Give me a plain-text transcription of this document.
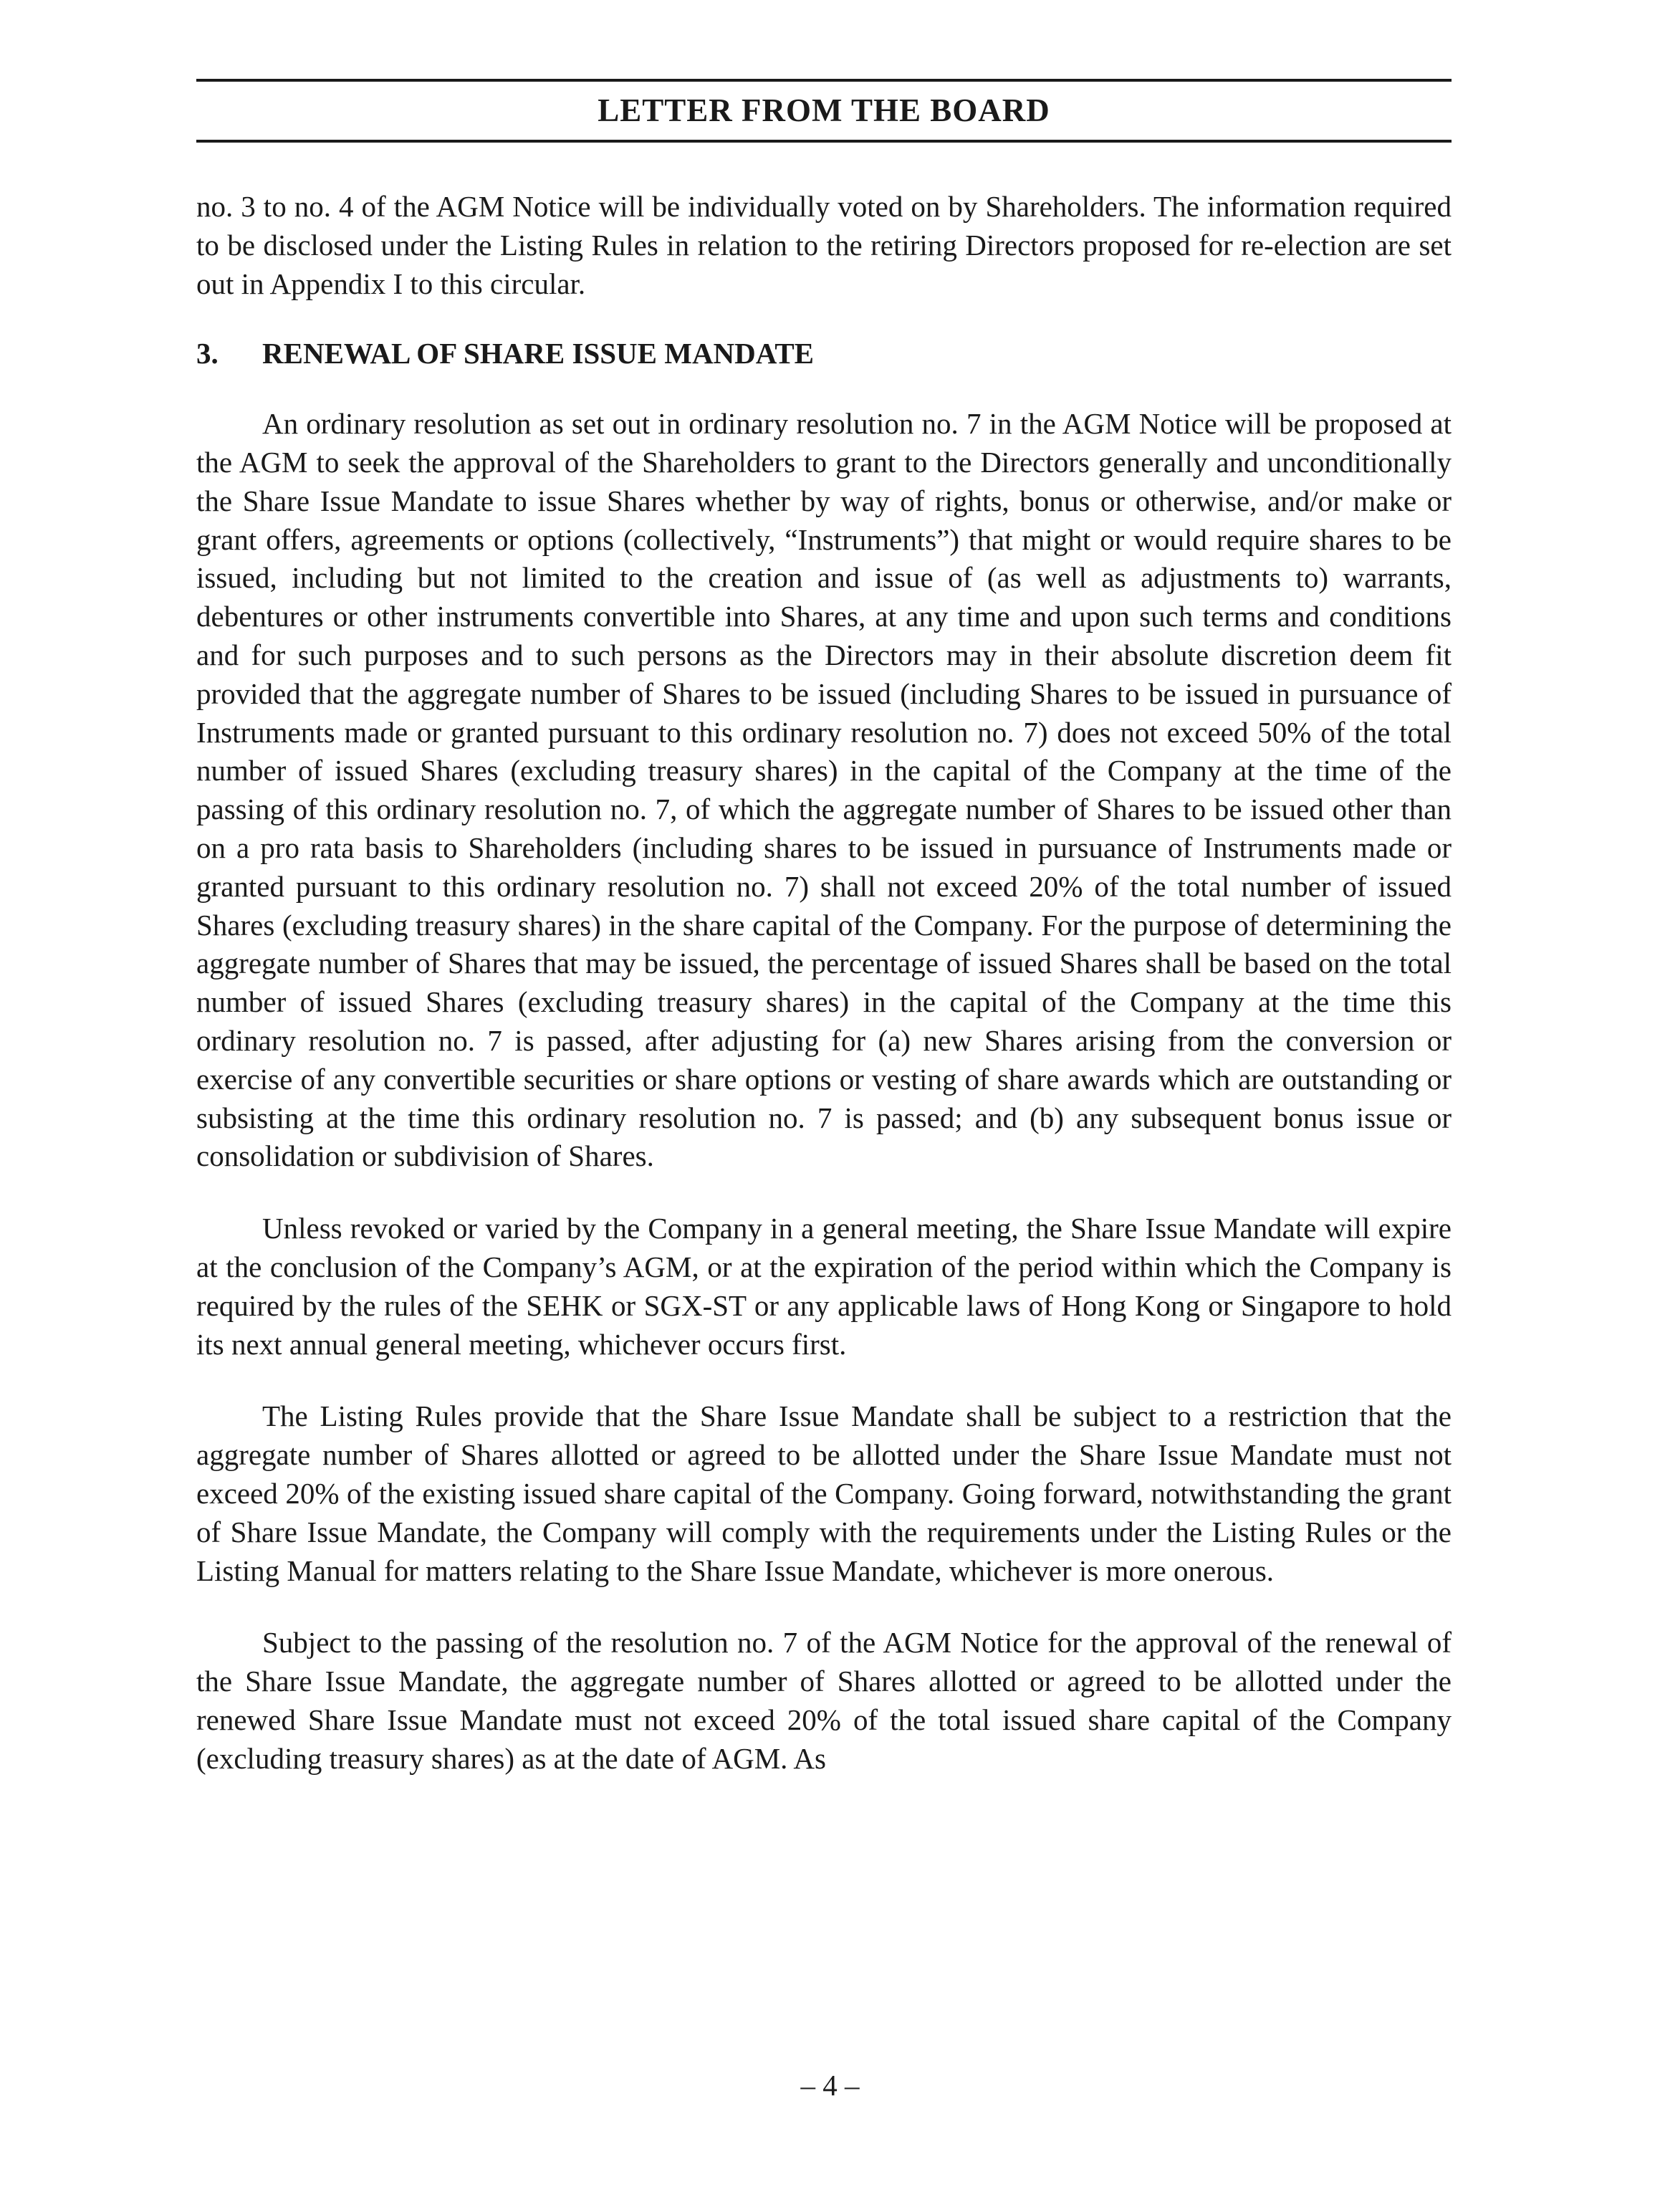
LETTER FROM THE BOARD

no. 3 to no. 4 of the AGM Notice will be individually voted on by Shareholders. The information required to be disclosed under the Listing Rules in relation to the retiring Directors proposed for re-election are set out in Appendix I to this circular.

3.	RENEWAL OF SHARE ISSUE MANDATE

An ordinary resolution as set out in ordinary resolution no. 7 in the AGM Notice will be proposed at the AGM to seek the approval of the Shareholders to grant to the Directors generally and unconditionally the Share Issue Mandate to issue Shares whether by way of rights, bonus or otherwise, and/or make or grant offers, agreements or options (collectively, “Instruments”) that might or would require shares to be issued, including but not limited to the creation and issue of (as well as adjustments to) warrants, debentures or other instruments convertible into Shares, at any time and upon such terms and conditions and for such purposes and to such persons as the Directors may in their absolute discretion deem fit provided that the aggregate number of Shares to be issued (including Shares to be issued in pursuance of Instruments made or granted pursuant to this ordinary resolution no. 7) does not exceed 50% of the total number of issued Shares (excluding treasury shares) in the capital of the Company at the time of the passing of this ordinary resolution no. 7, of which the aggregate number of Shares to be issued other than on a pro rata basis to Shareholders (including shares to be issued in pursuance of Instruments made or granted pursuant to this ordinary resolution no. 7) shall not exceed 20% of the total number of issued Shares (excluding treasury shares) in the share capital of the Company. For the purpose of determining the aggregate number of Shares that may be issued, the percentage of issued Shares shall be based on the total number of issued Shares (excluding treasury shares) in the capital of the Company at the time this ordinary resolution no. 7 is passed, after adjusting for (a) new Shares arising from the conversion or exercise of any convertible securities or share options or vesting of share awards which are outstanding or subsisting at the time this ordinary resolution no. 7 is passed; and (b) any subsequent bonus issue or consolidation or subdivision of Shares.

Unless revoked or varied by the Company in a general meeting, the Share Issue Mandate will expire at the conclusion of the Company’s AGM, or at the expiration of the period within which the Company is required by the rules of the SEHK or SGX-ST or any applicable laws of Hong Kong or Singapore to hold its next annual general meeting, whichever occurs first.

The Listing Rules provide that the Share Issue Mandate shall be subject to a restriction that the aggregate number of Shares allotted or agreed to be allotted under the Share Issue Mandate must not exceed 20% of the existing issued share capital of the Company. Going forward, notwithstanding the grant of Share Issue Mandate, the Company will comply with the requirements under the Listing Rules or the Listing Manual for matters relating to the Share Issue Mandate, whichever is more onerous.

Subject to the passing of the resolution no. 7 of the AGM Notice for the approval of the renewal of the Share Issue Mandate, the aggregate number of Shares allotted or agreed to be allotted under the renewed Share Issue Mandate must not exceed 20% of the total issued share capital of the Company (excluding treasury shares) as at the date of AGM. As

– 4 –
